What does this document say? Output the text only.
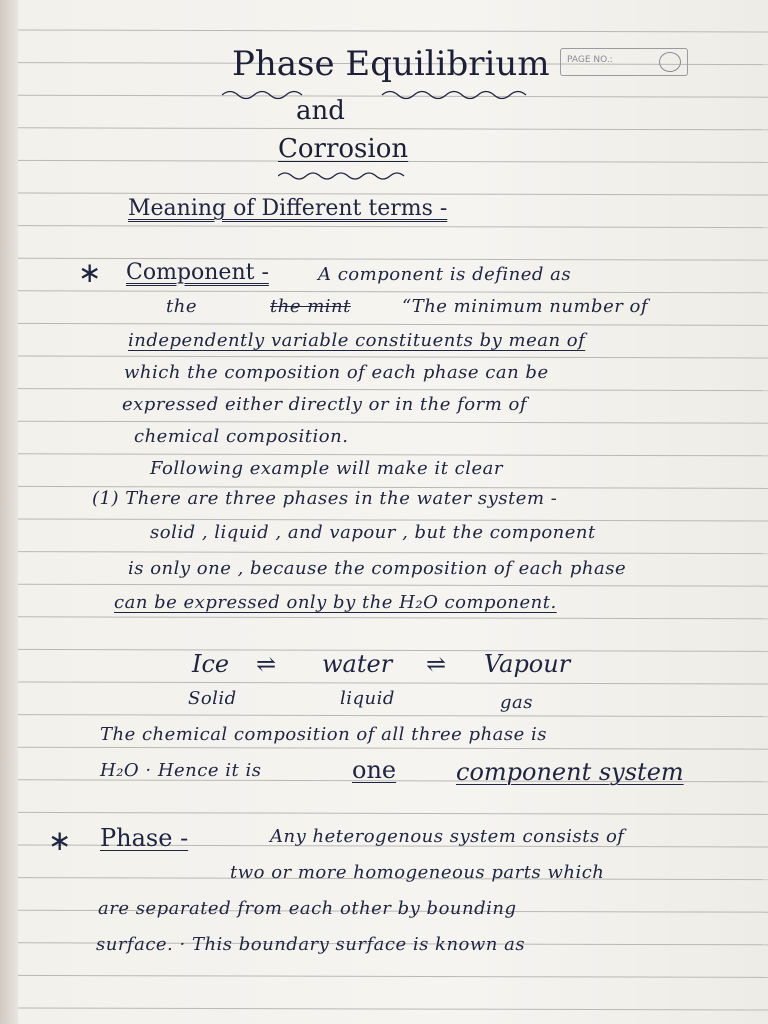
PAGE NO.:
Phase Equilibrium
and
Corrosion
Meaning of Different terms -
∗ Component -	A component is defined as
the	the mint	“The minimum number of
independently variable constituents by mean of
which the composition of each phase can be
expressed either directly or in the form of
chemical composition.
Following example will make it clear
(1) There are three phases in the water system -
solid , liquid , and vapour , but the component
is only one , because the composition of each phase
can be expressed only by the H₂O component.
Ice ⇌ water ⇌ Vapour
Solid	liquid	gas
The chemical composition of all three phase is
H₂O · Hence it is	one component system
∗ Phase -	Any heterogenous system consists of
two or more homogeneous parts which
are separated from each other by bounding
surface. · This boundary surface is known as
